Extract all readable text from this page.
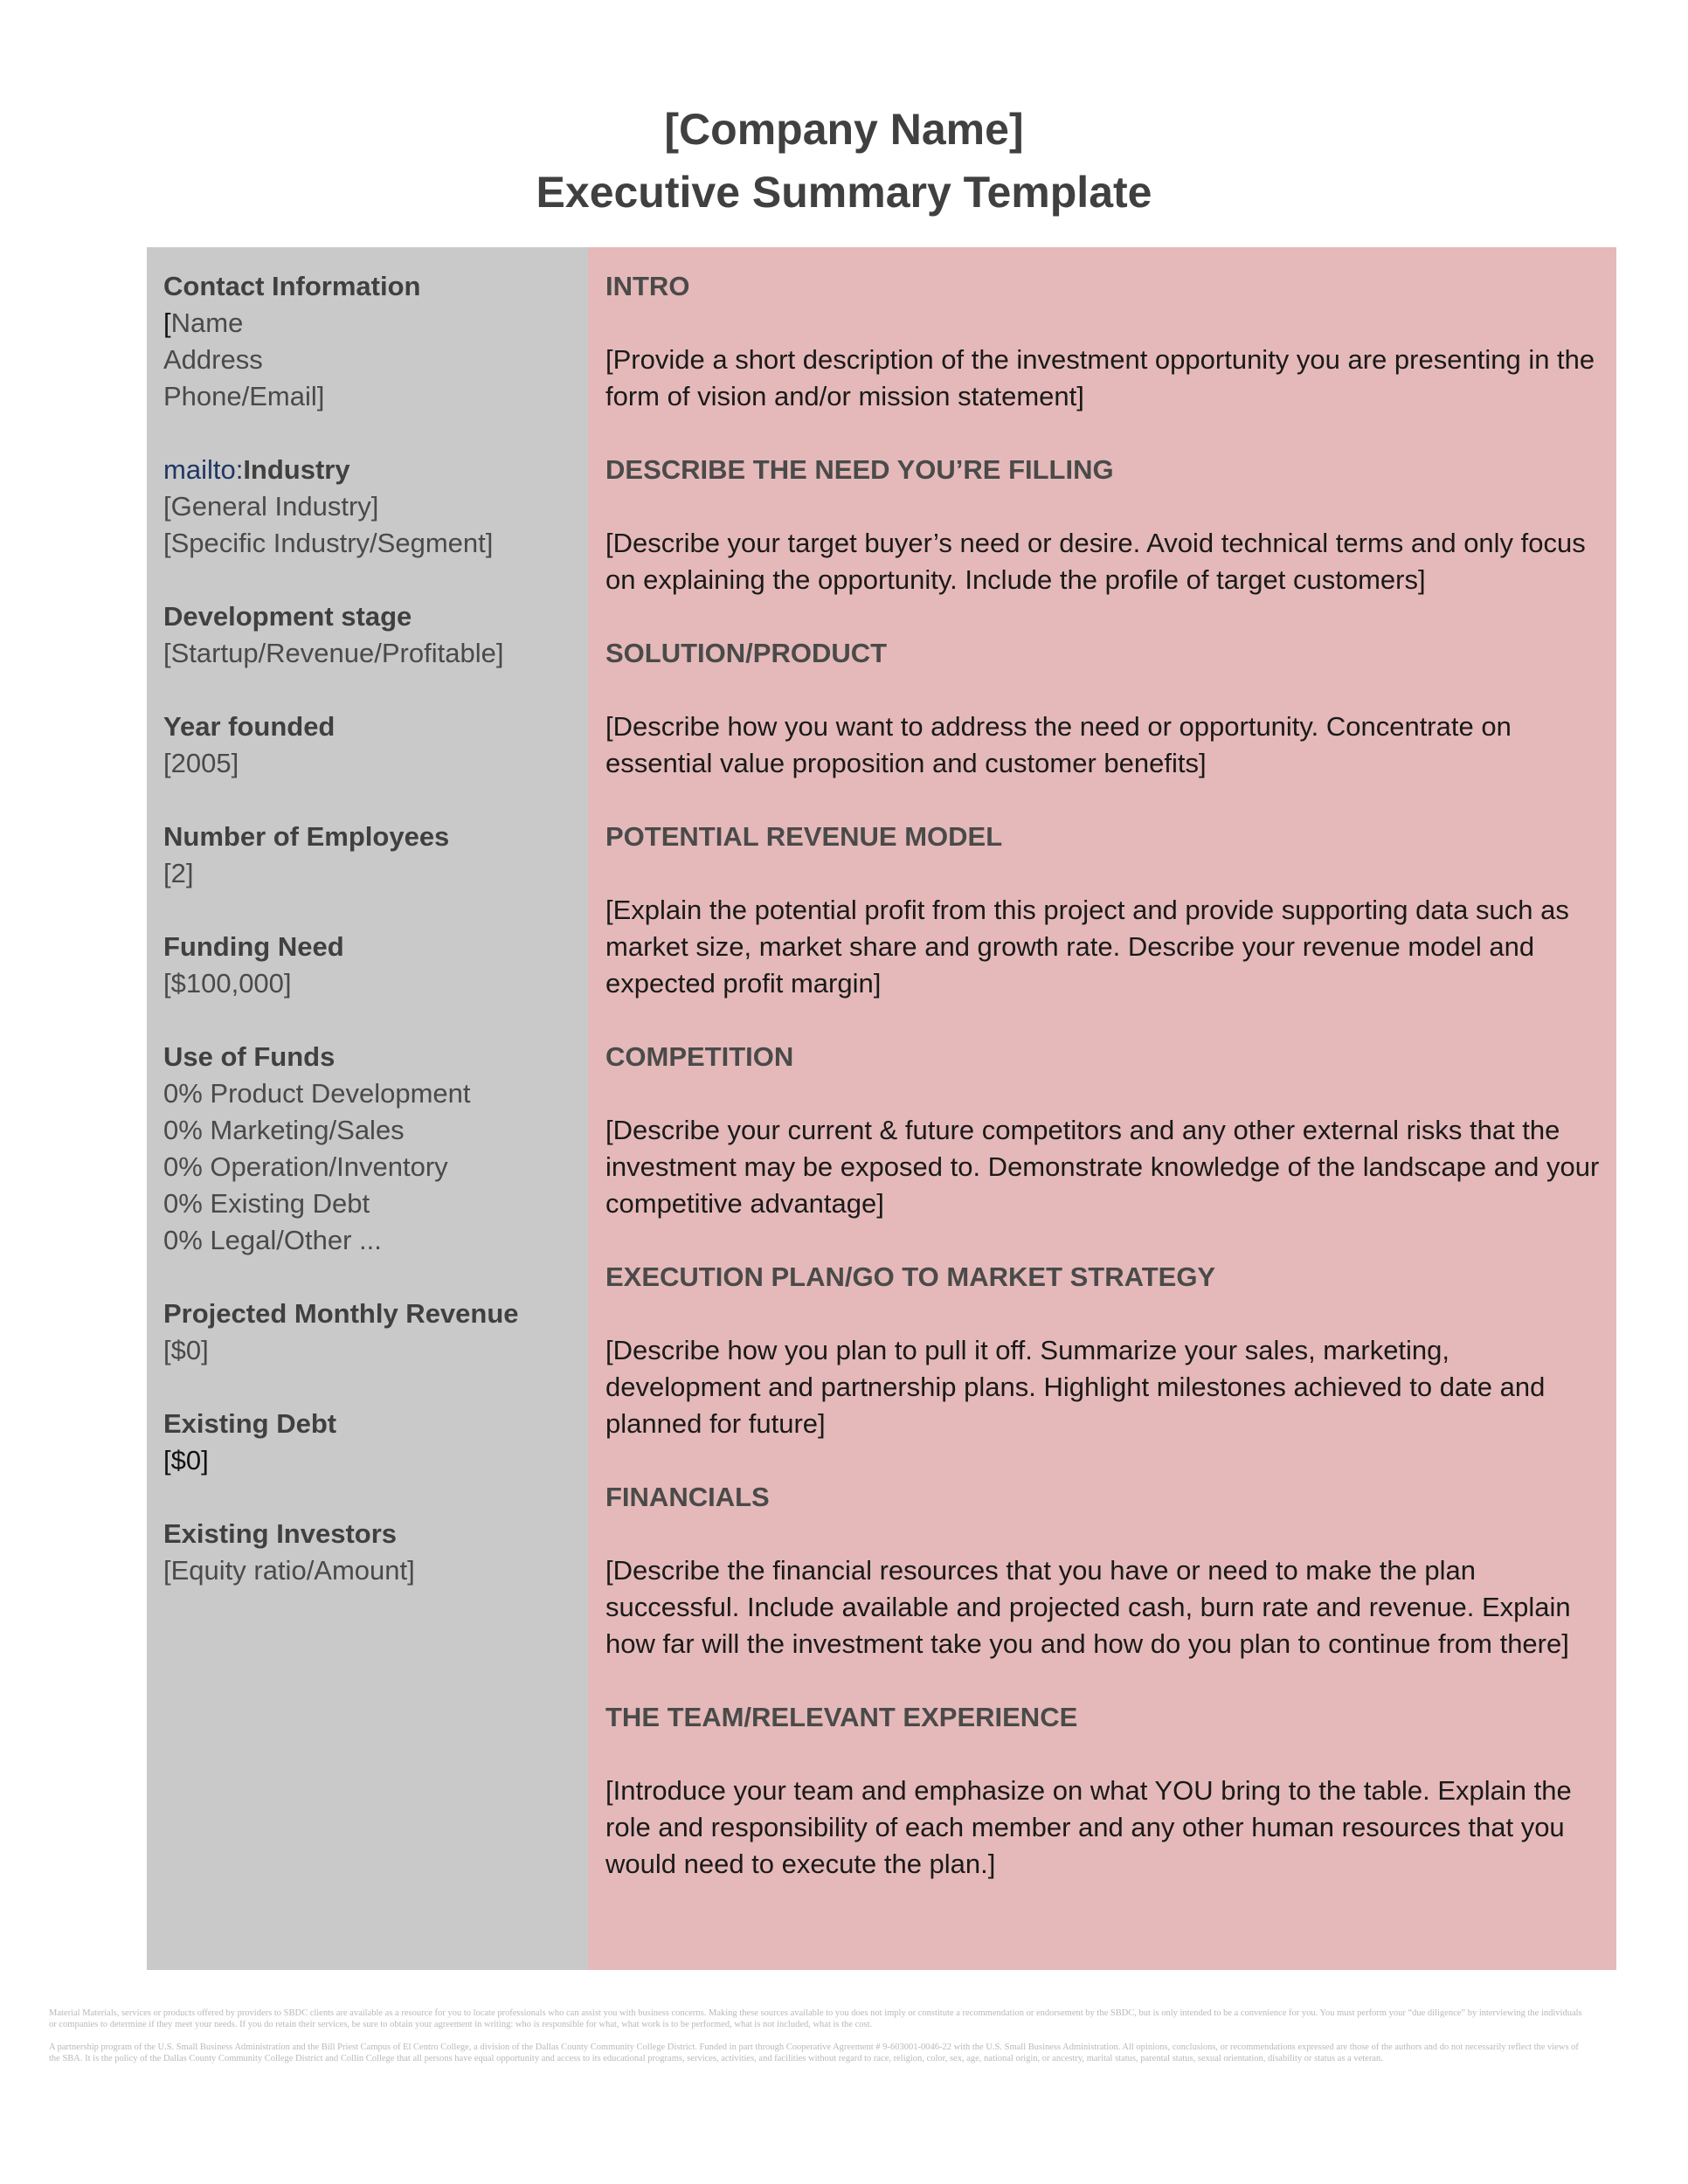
[Company Name]
Executive Summary Template
Contact Information
[Name
Address
Phone/Email]
mailto:Industry
[General Industry]
[Specific Industry/Segment]
Development stage
[Startup/Revenue/Profitable]
Year founded
[2005]
Number of Employees
[2]
Funding Need
[$100,000]
Use of Funds
0% Product Development
0% Marketing/Sales
0% Operation/Inventory
0% Existing Debt
0% Legal/Other ...
Projected Monthly Revenue
[$0]
Existing Debt
[$0]
Existing Investors
[Equity ratio/Amount]
INTRO
[Provide a short description of the investment opportunity you are presenting in the form of vision and/or mission statement]
DESCRIBE THE NEED YOU’RE FILLING
[Describe your target buyer’s need or desire. Avoid technical terms and only focus on explaining the opportunity. Include the profile of target customers]
SOLUTION/PRODUCT
[Describe how you want to address the need or opportunity. Concentrate on essential value proposition and customer benefits]
POTENTIAL REVENUE MODEL
[Explain the potential profit from this project and provide supporting data such as market size, market share and growth rate. Describe your revenue model and expected profit margin]
COMPETITION
[Describe your current & future competitors and any other external risks that the investment may be exposed to. Demonstrate knowledge of the landscape and your competitive advantage]
EXECUTION PLAN/GO TO MARKET STRATEGY
[Describe how you plan to pull it off. Summarize your sales, marketing, development and partnership plans. Highlight milestones achieved to date and planned for future]
FINANCIALS
[Describe the financial resources that you have or need to make the plan successful. Include available and projected cash, burn rate and revenue. Explain how far will the investment take you and how do you plan to continue from there]
THE TEAM/RELEVANT EXPERIENCE
[Introduce your team and emphasize on what YOU bring to the table. Explain the role and responsibility of each member and any other human resources that you would need to execute the plan.]

Material Materials, services or products offered by providers to SBDC clients are available as a resource for you to locate professionals who can assist you with business concerns. Making these sources available to you does not imply or constitute a recommendation or endorsement by the SBDC, but is only intended to be a convenience for you. You must perform your “due diligence” by interviewing the individuals or companies to determine if they meet your needs. If you do retain their services, be sure to obtain your agreement in writing: who is responsible for what, what work is to be performed, what is not included, what is the cost.

A partnership program of the U.S. Small Business Administration and the Bill Priest Campus of El Centro College, a division of the Dallas County Community College District. Funded in part through Cooperative Agreement # 9-603001-0046-22 with the U.S. Small Business Administration. All opinions, conclusions, or recommendations expressed are those of the authors and do not necessarily reflect the views of the SBA. It is the policy of the Dallas County Community College District and Collin College that all persons have equal opportunity and access to its educational programs, services, activities, and facilities without regard to race, religion, color, sex, age, national origin, or ancestry, marital status, parental status, sexual orientation, disability or status as a veteran.
